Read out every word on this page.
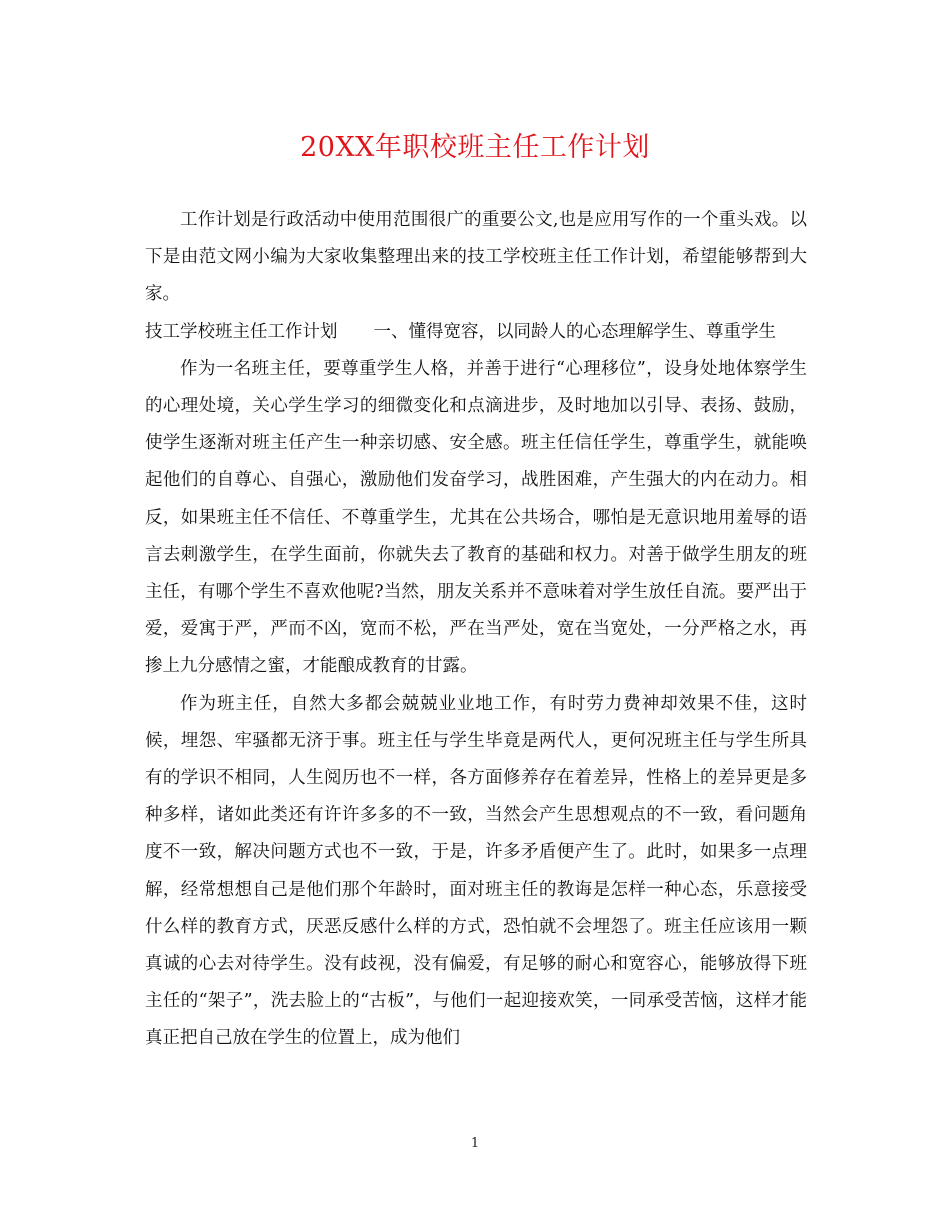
20XX年职校班主任工作计划

工作计划是行政活动中使用范围很广的重要公文,也是应用写作的一个重头戏。以下是由范文网小编为大家收集整理出来的技工学校班主任工作计划，希望能够帮到大家。

技工学校班主任工作计划 一、懂得宽容，以同龄人的心态理解学生、尊重学生

作为一名班主任，要尊重学生人格，并善于进行“心理移位”，设身处地体察学生的心理处境，关心学生学习的细微变化和点滴进步，及时地加以引导、表扬、鼓励，使学生逐渐对班主任产生一种亲切感、安全感。班主任信任学生，尊重学生，就能唤起他们的自尊心、自强心，激励他们发奋学习，战胜困难，产生强大的内在动力。相反，如果班主任不信任、不尊重学生，尤其在公共场合，哪怕是无意识地用羞辱的语言去刺激学生，在学生面前，你就失去了教育的基础和权力。对善于做学生朋友的班主任，有哪个学生不喜欢他呢?当然，朋友关系并不意味着对学生放任自流。要严出于爱，爱寓于严，严而不凶，宽而不松，严在当严处，宽在当宽处，一分严格之水，再掺上九分感情之蜜，才能酿成教育的甘露。

作为班主任，自然大多都会兢兢业业地工作，有时劳力费神却效果不佳，这时候，埋怨、牢骚都无济于事。班主任与学生毕竟是两代人，更何况班主任与学生所具有的学识不相同，人生阅历也不一样，各方面修养存在着差异，性格上的差异更是多种多样，诸如此类还有许许多多的不一致，当然会产生思想观点的不一致，看问题角度不一致，解决问题方式也不一致，于是，许多矛盾便产生了。此时，如果多一点理解，经常想想自己是他们那个年龄时，面对班主任的教诲是怎样一种心态，乐意接受什么样的教育方式，厌恶反感什么样的方式，恐怕就不会埋怨了。班主任应该用一颗真诚的心去对待学生。没有歧视，没有偏爱，有足够的耐心和宽容心，能够放得下班主任的“架子”，洗去脸上的“古板”，与他们一起迎接欢笑，一同承受苦恼，这样才能真正把自己放在学生的位置上，成为他们

1
